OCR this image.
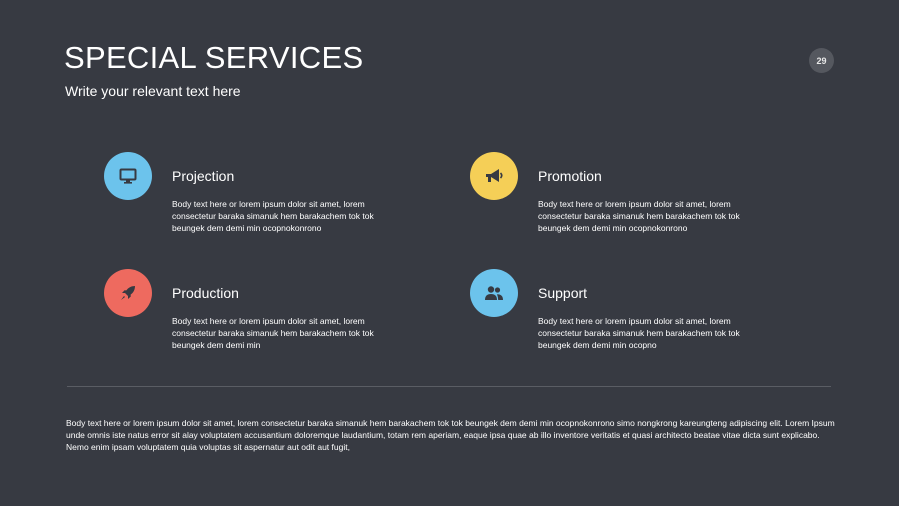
SPECIAL SERVICES
Write your relevant text here
29
Projection
Body text here or lorem ipsum dolor sit amet, lorem consectetur baraka simanuk hem barakachem tok tok beungek dem demi min ocopnokonrono
Promotion
Body text here or lorem ipsum dolor sit amet, lorem consectetur baraka simanuk hem barakachem tok tok beungek dem demi min ocopnokonrono
Production
Body text here or lorem ipsum dolor sit amet, lorem consectetur baraka simanuk hem barakachem tok tok beungek dem demi min
Support
Body text here or lorem ipsum dolor sit amet, lorem consectetur baraka simanuk hem barakachem tok tok beungek dem demi min ocopno
Body text here or lorem ipsum dolor sit amet, lorem consectetur baraka simanuk hem barakachem tok tok beungek dem demi min ocopnokonrono simo nongkrong kareungteng adipiscing elit. Lorem Ipsum unde omnis iste natus error sit alay voluptatem accusantium doloremque laudantium, totam rem aperiam, eaque ipsa quae ab illo inventore veritatis et quasi architecto beatae vitae dicta sunt explicabo. Nemo enim ipsam voluptatem quia voluptas sit aspernatur aut odit aut fugit,
